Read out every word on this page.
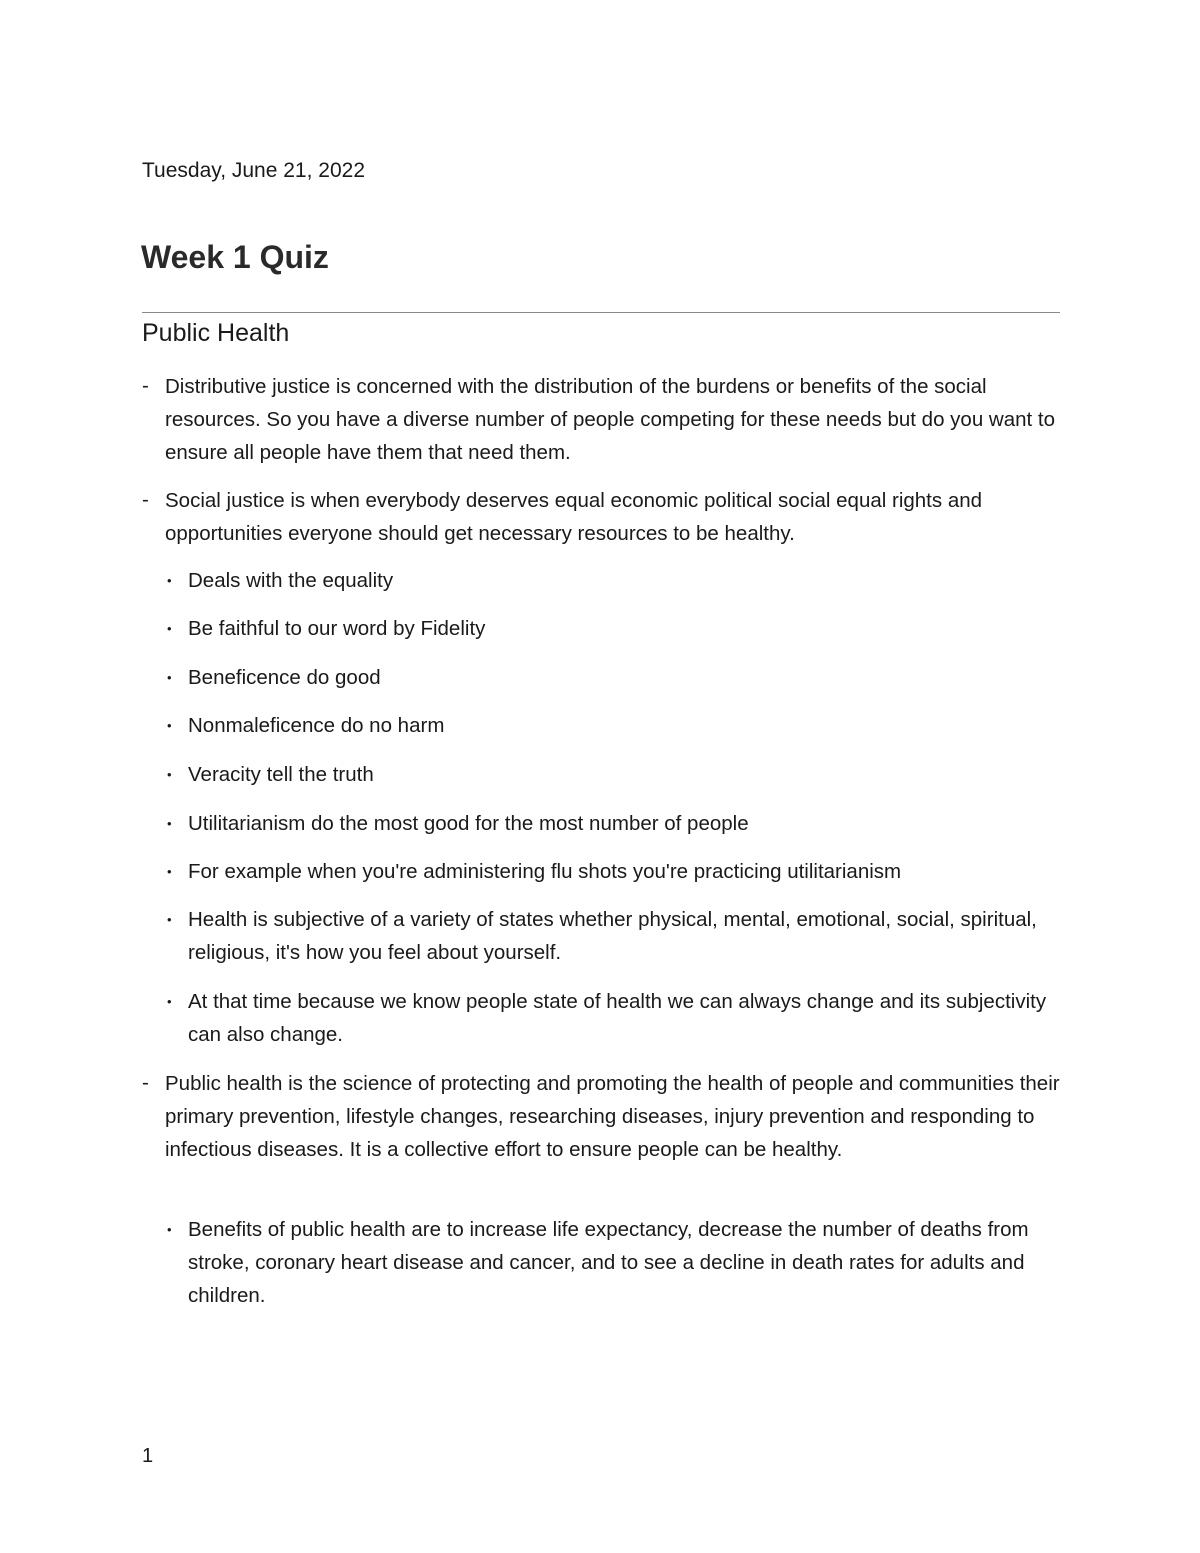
Tuesday, June 21, 2022
Week 1 Quiz
Public Health
- Distributive justice is concerned with the distribution of the burdens or benefits of the social resources. So you have a diverse number of people competing for these needs but do you want to ensure all people have them that need them.
- Social justice is when everybody deserves equal economic political social equal rights and opportunities everyone should get necessary resources to be healthy.
• Deals with the equality
• Be faithful to our word by Fidelity
• Beneficence do good
• Nonmaleficence do no harm
• Veracity tell the truth
• Utilitarianism do the most good for the most number of people
• For example when you're administering flu shots you're practicing utilitarianism
• Health is subjective of a variety of states whether physical, mental, emotional, social, spiritual, religious, it's how you feel about yourself.
• At that time because we know people state of health we can always change and its subjectivity can also change.
- Public health is the science of protecting and promoting the health of people and communities their primary prevention, lifestyle changes, researching diseases, injury prevention and responding to infectious diseases. It is a collective effort to ensure people can be healthy.
• Benefits of public health are to increase life expectancy, decrease the number of deaths from stroke, coronary heart disease and cancer, and to see a decline in death rates for adults and children.
1
